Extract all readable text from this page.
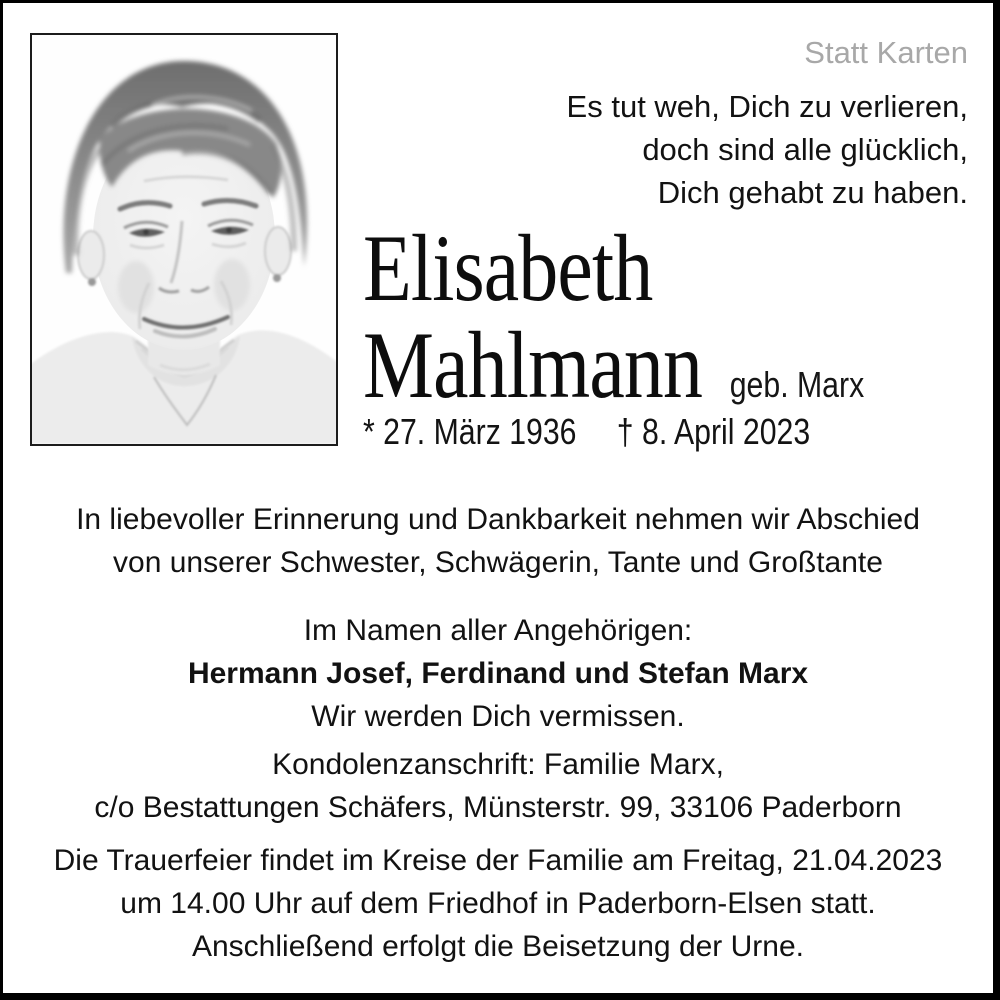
Statt Karten
Es tut weh, Dich zu verlieren,
doch sind alle glücklich,
Dich gehabt zu haben.
Elisabeth
Mahlmann geb. Marx
* 27. März 1936 † 8. April 2023
In liebevoller Erinnerung und Dankbarkeit nehmen wir Abschied
von unserer Schwester, Schwägerin, Tante und Großtante
Im Namen aller Angehörigen:
Hermann Josef, Ferdinand und Stefan Marx
Wir werden Dich vermissen.
Kondolenzanschrift: Familie Marx,
c/o Bestattungen Schäfers, Münsterstr. 99, 33106 Paderborn
Die Trauerfeier findet im Kreise der Familie am Freitag, 21.04.2023
um 14.00 Uhr auf dem Friedhof in Paderborn-Elsen statt.
Anschließend erfolgt die Beisetzung der Urne.
